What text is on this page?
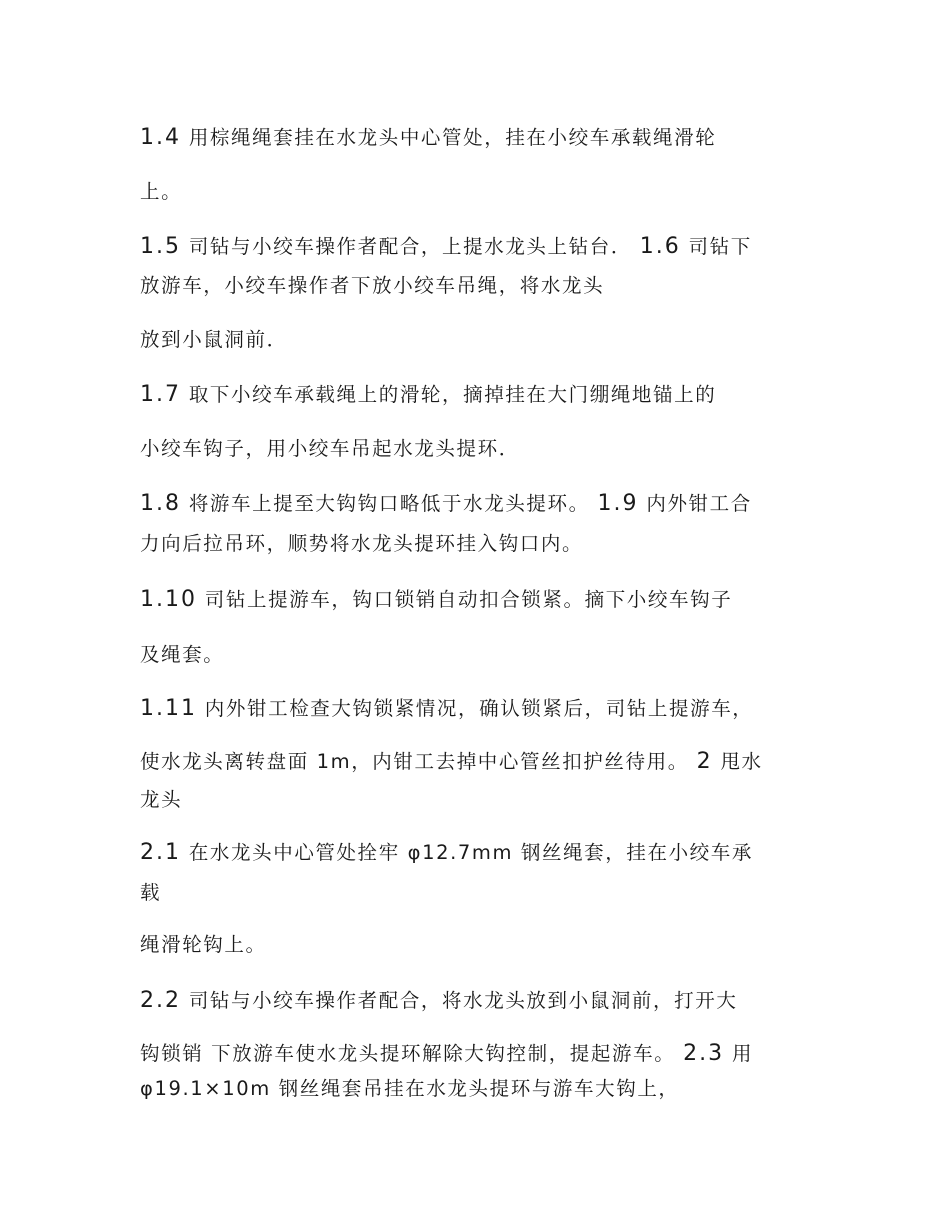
1.4 用棕绳绳套挂在水龙头中心管处，挂在小绞车承载绳滑轮
上。
1.5 司钻与小绞车操作者配合，上提水龙头上钻台． 1.6 司钻下
放游车，小绞车操作者下放小绞车吊绳，将水龙头
放到小鼠洞前．
1.7 取下小绞车承载绳上的滑轮，摘掉挂在大门绷绳地锚上的
小绞车钩子，用小绞车吊起水龙头提环．
1.8 将游车上提至大钩钩口略低于水龙头提环。 1.9 内外钳工合
力向后拉吊环，顺势将水龙头提环挂入钩口内。
1.10 司钻上提游车，钩口锁销自动扣合锁紧。摘下小绞车钩子
及绳套。
1.11 内外钳工检查大钩锁紧情况，确认锁紧后，司钻上提游车，
使水龙头离转盘面 1m，内钳工去掉中心管丝扣护丝待用。 2 甩水
龙头
2.1 在水龙头中心管处拴牢 φ12.7mm 钢丝绳套，挂在小绞车承
载
绳滑轮钩上。
2.2 司钻与小绞车操作者配合，将水龙头放到小鼠洞前，打开大
钩锁销 下放游车使水龙头提环解除大钩控制，提起游车。 2.3 用
φ19.1×10m 钢丝绳套吊挂在水龙头提环与游车大钩上，
